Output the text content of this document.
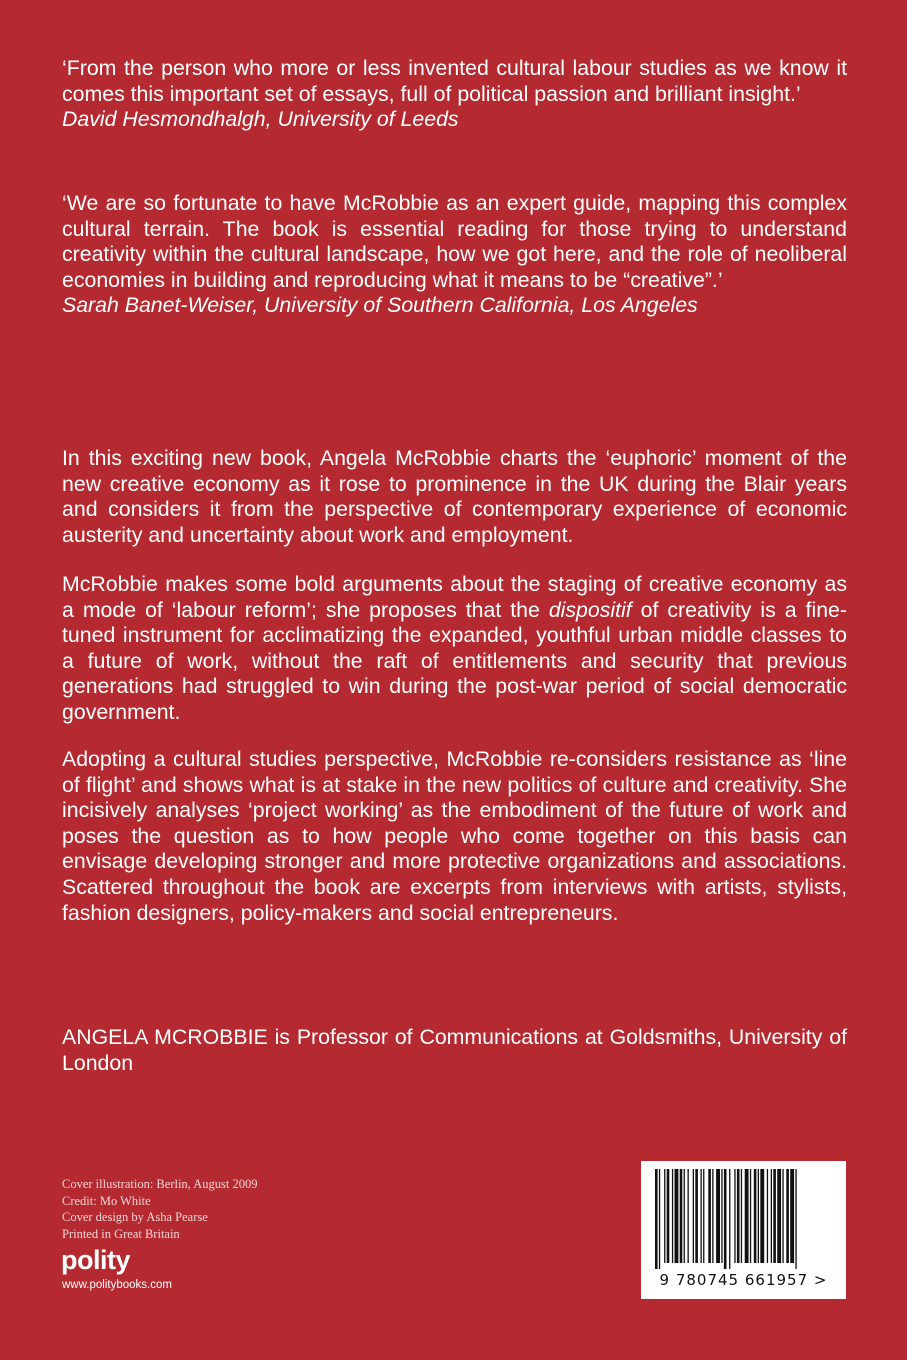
‘From the person who more or less invented cultural labour studies as we know it comes this important set of essays, full of political passion and brilliant insight.’

David Hesmondhalgh, University of Leeds

‘We are so fortunate to have McRobbie as an expert guide, mapping this complex cultural terrain. The book is essential reading for those trying to understand creativity within the cultural landscape, how we got here, and the role of neoliberal economies in building and reproducing what it means to be “creative”.’

Sarah Banet-Weiser, University of Southern California, Los Angeles

In this exciting new book, Angela McRobbie charts the ‘euphoric’ moment of the new creative economy as it rose to prominence in the UK during the Blair years and considers it from the perspective of contemporary experience of economic austerity and uncertainty about work and employment.

McRobbie makes some bold arguments about the staging of creative economy as a mode of ‘labour reform’; she proposes that the dispositif of creativity is a fine-tuned instrument for acclimatizing the expanded, youthful urban middle classes to a future of work, without the raft of entitlements and security that previous generations had struggled to win during the post-war period of social democratic government.

Adopting a cultural studies perspective, McRobbie re-considers resistance as ‘line of flight’ and shows what is at stake in the new politics of culture and creativity. She incisively analyses ‘project working’ as the embodiment of the future of work and poses the question as to how people who come together on this basis can envisage developing stronger and more protective organizations and associations. Scattered throughout the book are excerpts from interviews with artists, stylists, fashion designers, policy-makers and social entrepreneurs.

ANGELA MCROBBIE is Professor of Communications at Goldsmiths, University of London

Cover illustration: Berlin, August 2009
Credit: Mo White
Cover design by Asha Pearse
Printed in Great Britain
polity
www.politybooks.com	9 780745 661957 >
